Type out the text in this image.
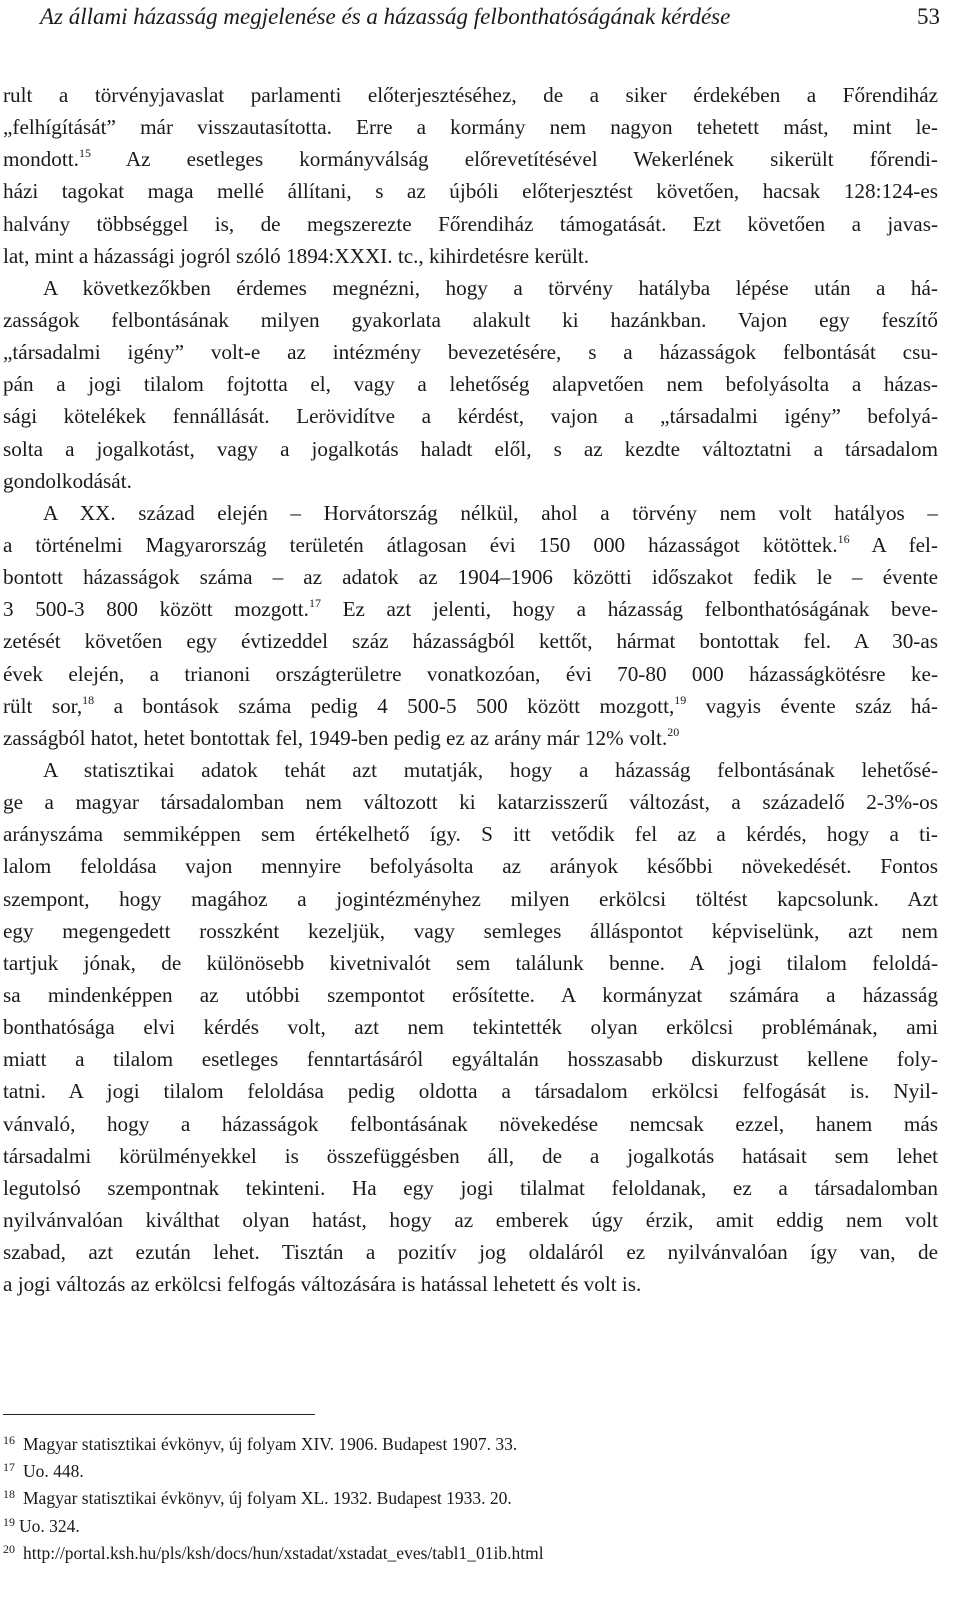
Az állami házasság megjelenése és a házasság felbonthatóságának kérdése	53
rult a törvényjavaslat parlamenti előterjesztéséhez, de a siker érdekében a Főrendiház
„felhígítását” már visszautasította. Erre a kormány nem nagyon tehetett mást, mint le-
mondott.$^{15}$ Az esetleges kormányválság előrevetítésével Wekerlének sikerült főrendi-
házi tagokat maga mellé állítani, s az újbóli előterjesztést követően, hacsak 128:124-es
halvány többséggel is, de megszerezte Főrendiház támogatását. Ezt követően a javas-
lat, mint a házassági jogról szóló 1894:XXXI. tc., kihirdetésre került.
A következőkben érdemes megnézni, hogy a törvény hatályba lépése után a há-
zasságok felbontásának milyen gyakorlata alakult ki hazánkban. Vajon egy feszítő
„társadalmi igény” volt-e az intézmény bevezetésére, s a házasságok felbontását csu-
pán a jogi tilalom fojtotta el, vagy a lehetőség alapvetően nem befolyásolta a házas-
sági kötelékek fennállását. Lerövidítve a kérdést, vajon a „társadalmi igény” befolyá-
solta a jogalkotást, vagy a jogalkotás haladt elől, s az kezdte változtatni a társadalom
gondolkodását.
A XX. század elején – Horvátország nélkül, ahol a törvény nem volt hatályos –
a történelmi Magyarország területén átlagosan évi 150 000 házasságot kötöttek.$^{16}$ A fel-
bontott házasságok száma – az adatok az 1904–1906 közötti időszakot fedik le – évente
3 500-3 800 között mozgott.$^{17}$ Ez azt jelenti, hogy a házasság felbonthatóságának beve-
zetését követően egy évtizeddel száz házasságból kettőt, hármat bontottak fel. A 30-as
évek elején, a trianoni országterületre vonatkozóan, évi 70-80 000 házasságkötésre ke-
rült sor,$^{18}$ a bontások száma pedig 4 500-5 500 között mozgott,$^{19}$ vagyis évente száz há-
zasságból hatot, hetet bontottak fel, 1949-ben pedig ez az arány már 12% volt.$^{20}$
A statisztikai adatok tehát azt mutatják, hogy a házasság felbontásának lehetősé-
ge a magyar társadalomban nem változott ki katarzisszerű változást, a századelő 2-3%-os
arányszáma semmiképpen sem értékelhető így. S itt vetődik fel az a kérdés, hogy a ti-
lalom feloldása vajon mennyire befolyásolta az arányok későbbi növekedését. Fontos
szempont, hogy magához a jogintézményhez milyen erkölcsi töltést kapcsolunk. Azt
egy megengedett rosszként kezeljük, vagy semleges álláspontot képviselünk, azt nem
tartjuk jónak, de különösebb kivetnivalót sem találunk benne. A jogi tilalom feloldá-
sa mindenképpen az utóbbi szempontot erősítette. A kormányzat számára a házasság
bonthatósága elvi kérdés volt, azt nem tekintették olyan erkölcsi problémának, ami
miatt a tilalom esetleges fenntartásáról egyáltalán hosszasabb diskurzust kellene foly-
tatni. A jogi tilalom feloldása pedig oldotta a társadalom erkölcsi felfogását is. Nyil-
vánvaló, hogy a házasságok felbontásának növekedése nemcsak ezzel, hanem más
társadalmi körülményekkel is összefüggésben áll, de a jogalkotás hatásait sem lehet
legutolsó szempontnak tekinteni. Ha egy jogi tilalmat feloldanak, ez a társadalomban
nyilvánvalóan kiválthat olyan hatást, hogy az emberek úgy érzik, amit eddig nem volt
szabad, azt ezután lehet. Tisztán a pozitív jog oldaláról ez nyilvánvalóan így van, de
a jogi változás az erkölcsi felfogás változására is hatással lehetett és volt is.
16 Magyar statisztikai évkönyv, új folyam XIV. 1906. Budapest 1907. 33.
17 Uo. 448.
18 Magyar statisztikai évkönyv, új folyam XL. 1932. Budapest 1933. 20.
19 Uo. 324.
20 http://portal.ksh.hu/pls/ksh/docs/hun/xstadat/xstadat_eves/tabl1_01ib.html
